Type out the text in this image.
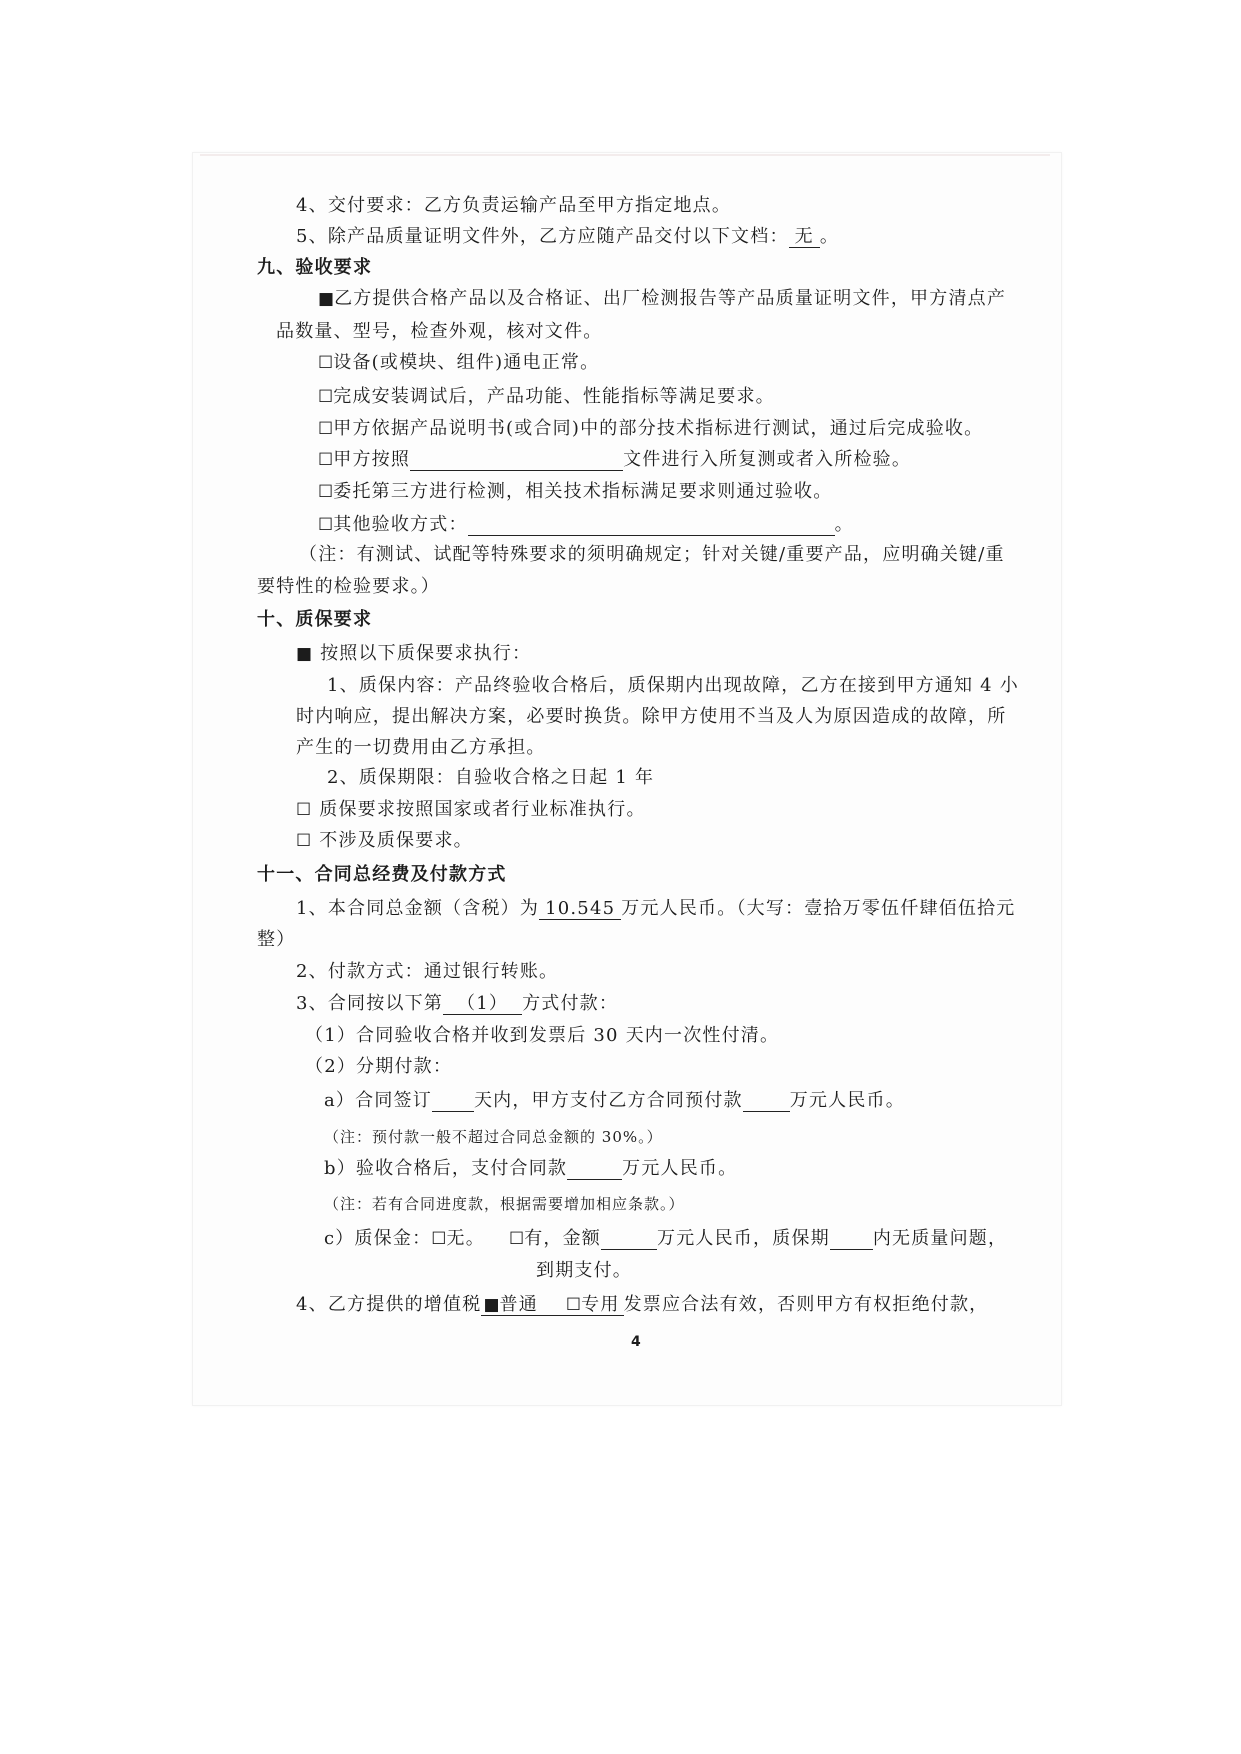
4、交付要求：乙方负责运输产品至甲方指定地点。
5、除产品质量证明文件外，乙方应随产品交付以下文档： 无 。
九、验收要求
■乙方提供合格产品以及合格证、出厂检测报告等产品质量证明文件，甲方清点产
品数量、型号，检查外观，核对文件。
☐设备(或模块、组件)通电正常。
☐完成安装调试后，产品功能、性能指标等满足要求。
☐甲方依据产品说明书(或合同)中的部分技术指标进行测试，通过后完成验收。
☐甲方按照	文件进行入所复测或者入所检验。
☐委托第三方进行检测，相关技术指标满足要求则通过验收。
☐其他验收方式：	。
（注：有测试、试配等特殊要求的须明确规定；针对关键/重要产品，应明确关键/重
要特性的检验要求。）
十、质保要求
■ 按照以下质保要求执行：
1、质保内容：产品终验收合格后，质保期内出现故障，乙方在接到甲方通知 4 小
时内响应，提出解决方案，必要时换货。除甲方使用不当及人为原因造成的故障，所
产生的一切费用由乙方承担。
2、质保期限：自验收合格之日起 1 年
☐ 质保要求按照国家或者行业标准执行。
☐ 不涉及质保要求。
十一、合同总经费及付款方式
1、本合同总金额（含税）为 10.545 万元人民币。（大写：壹拾万零伍仟肆佰伍拾元
整）
2、付款方式：通过银行转账。
3、合同按以下第 （1） 方式付款：
（1）合同验收合格并收到发票后 30 天内一次性付清。
（2）分期付款：
a）合同签订 天内，甲方支付乙方合同预付款	万元人民币。
（注：预付款一般不超过合同总金额的 30%。）
b）验收合格后，支付合同款	万元人民币。
（注：若有合同进度款，根据需要增加相应条款。）
c）质保金：☐无。 ☐有，金额	万元人民币，质保期 内无质量问题，
到期支付。
4、乙方提供的增值税 ■普通 ☐专用 发票应合法有效，否则甲方有权拒绝付款，
4
